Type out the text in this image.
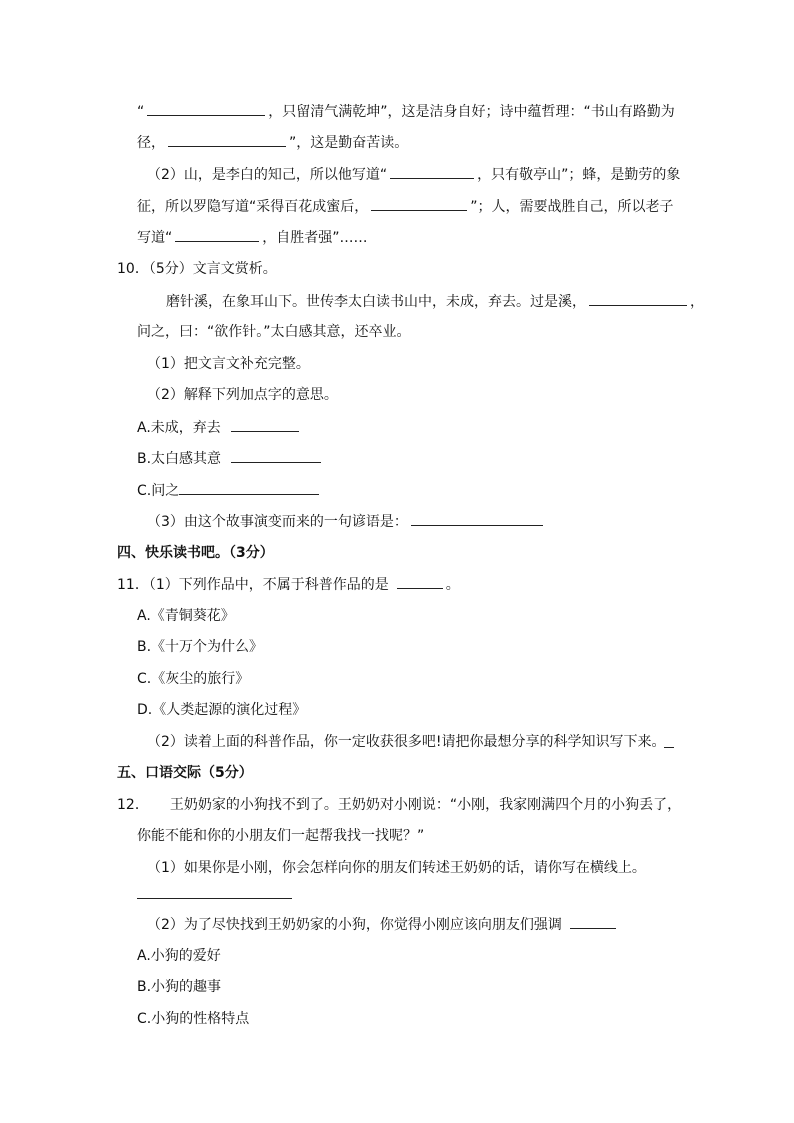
“	，只留清气满乾坤”，这是洁身自好；诗中蕴哲理：“书山有路勤为
径，	”，这是勤奋苦读。
（2）山，是李白的知己，所以他写道“	，只有敬亭山”；蜂，是勤劳的象
征，所以罗隐写道“采得百花成蜜后，	”；人，需要战胜自己，所以老子
写道“	，自胜者强”……
10．（5分）文言文赏析。
磨针溪，在象耳山下。世传李太白读书山中，未成，弃去。过是溪，	，
问之，曰：“欲作针。”太白感其意，还卒业。
（1）把文言文补充完整。
（2）解释下列加点字的意思。
A.未成，弃去
B.太白感其意
C.问之
（3）由这个故事演变而来的一句谚语是：
四、快乐读书吧。（3分）
11．（1）下列作品中，不属于科普作品的是	。
A.《青铜葵花》
B.《十万个为什么》
C.《灰尘的旅行》
D.《人类起源的演化过程》
（2）读着上面的科普作品，你一定收获很多吧!请把你最想分享的科学知识写下来。
五、口语交际（5分）
12．　　王奶奶家的小狗找不到了。王奶奶对小刚说：“小刚，我家刚满四个月的小狗丢了，
你能不能和你的小朋友们一起帮我找一找呢？”
（1）如果你是小刚，你会怎样向你的朋友们转述王奶奶的话，请你写在横线上。
（2）为了尽快找到王奶奶家的小狗，你觉得小刚应该向朋友们强调
A.小狗的爱好
B.小狗的趣事
C.小狗的性格特点
